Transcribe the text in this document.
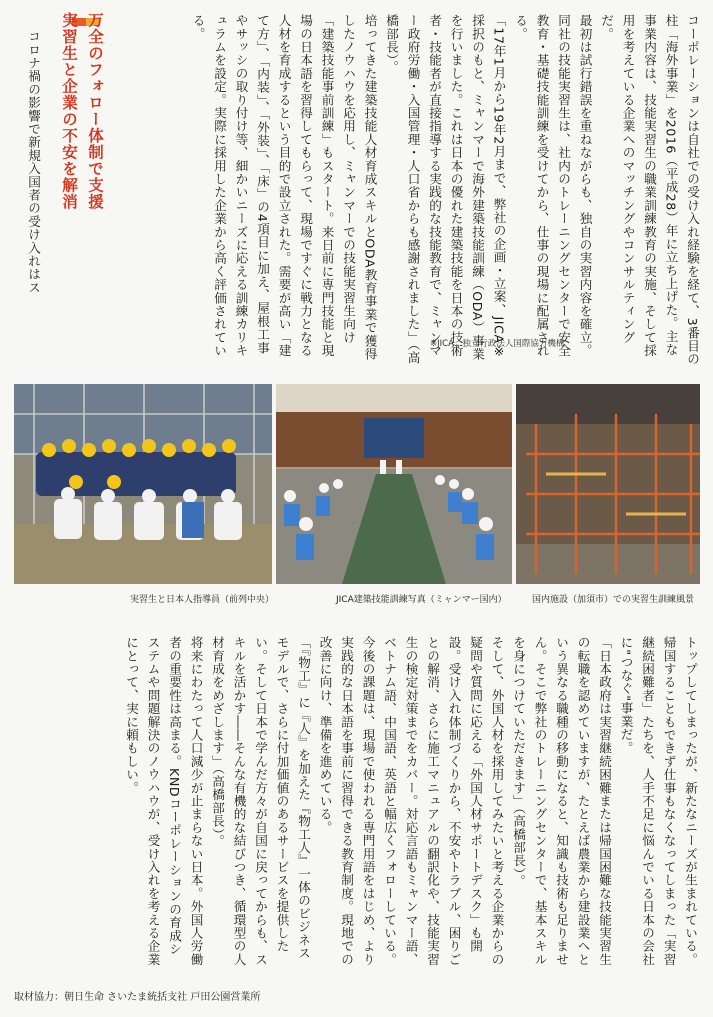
コーポレーションは自社での受け入れ経験を経て、3番目の柱「海外事業」を2016（平成28）年に立ち上げた。主な事業内容は、技能実習生の職業訓練教育の実施、そして採用を考えている企業へのマッチングやコンサルティングだ。
最初は試行錯誤を重ねながらも、独自の実習内容を確立。同社の技能実習生は、社内のトレーニングセンターで安全教育・基礎技能訓練を受けてから、仕事の現場に配属される。
「17年1月から19年2月まで、弊社の企画・立案、JICA※採択のもと、ミャンマーで海外建築技能訓練（ODA）事業を行いました。これは日本の優れた建築技能を日本の技術者・技能者が直接指導する実践的な技能教育で、ミャンマー政府労働・入国管理・人口省からも感謝されました」（高橋部長）。
培ってきた建築技能人材育成スキルとODA教育事業で獲得したノウハウを応用し、ミャンマーでの技能実習生向け「建築技能事前訓練」もスタート。来日前に専門技能と現場の日本語を習得してもらって、現場ですぐに戦力となる人材を育成するという目的で設立された。需要が高い「建て方」、「内装」、「外装」、「床」の4項目に加え、屋根工事やサッシの取り付け等、細かいニーズに応える訓練カリキュラムを設定。実際に採用した企業から高く評価されている。
万全のフォロー体制で支援
実習生と企業の不安を解消
コロナ禍の影響で新規入国者の受け入れはス
※JICA…独立行政法人国際協力機構
実習生と日本人指導員（前列中央）	JICA建築技能訓練写真（ミャンマー国内）	国内施設（加須市）での実習生訓練風景
トップしてしまったが、新たなニーズが生まれている。帰国することもできず仕事もなくなってしまった「実習継続困難者」たちを、人手不足に悩んでいる日本の会社に"つなぐ"事業だ。
「日本政府は実習継続困難または帰国困難な技能実習生の転職を認めていますが、たとえば農業から建設業へという異なる職種の移動になると、知識も技術も足りません。そこで弊社のトレーニングセンターで、基本スキルを身につけていただきます」（高橋部長）。
そして、外国人材を採用してみたいと考える企業からの疑問や質問に応える「外国人材サポートデスク」も開設。受け入れ体制づくりから、不安やトラブル、困りごとの解消、さらに施工マニュアルの翻訳化や、技能実習生の検定対策までをカバー。対応言語もミャンマー語、ベトナム語、中国語、英語と幅広くフォローしている。
今後の課題は、現場で使われる専門用語をはじめ、より実践的な日本語を事前に習得できる教育制度。現地での改善に向け、準備を進めている。
「『物工』に『人』を加えた『物工人』一体のビジネスモデルで、さらに付加価値のあるサービスを提供したい。そして日本で学んだ方々が自国に戻ってからも、スキルを活かす――そんな有機的な結びつき、循環型の人材育成をめざします」（高橋部長）。
将来にわたって人口減少が止まらない日本。外国人労働者の重要性は高まる。KNDコーポレーションの育成システムや問題解決のノウハウが、受け入れを考える企業にとって、実に頼もしい。
取材協力：朝日生命 さいたま統括支社 戸田公園営業所
